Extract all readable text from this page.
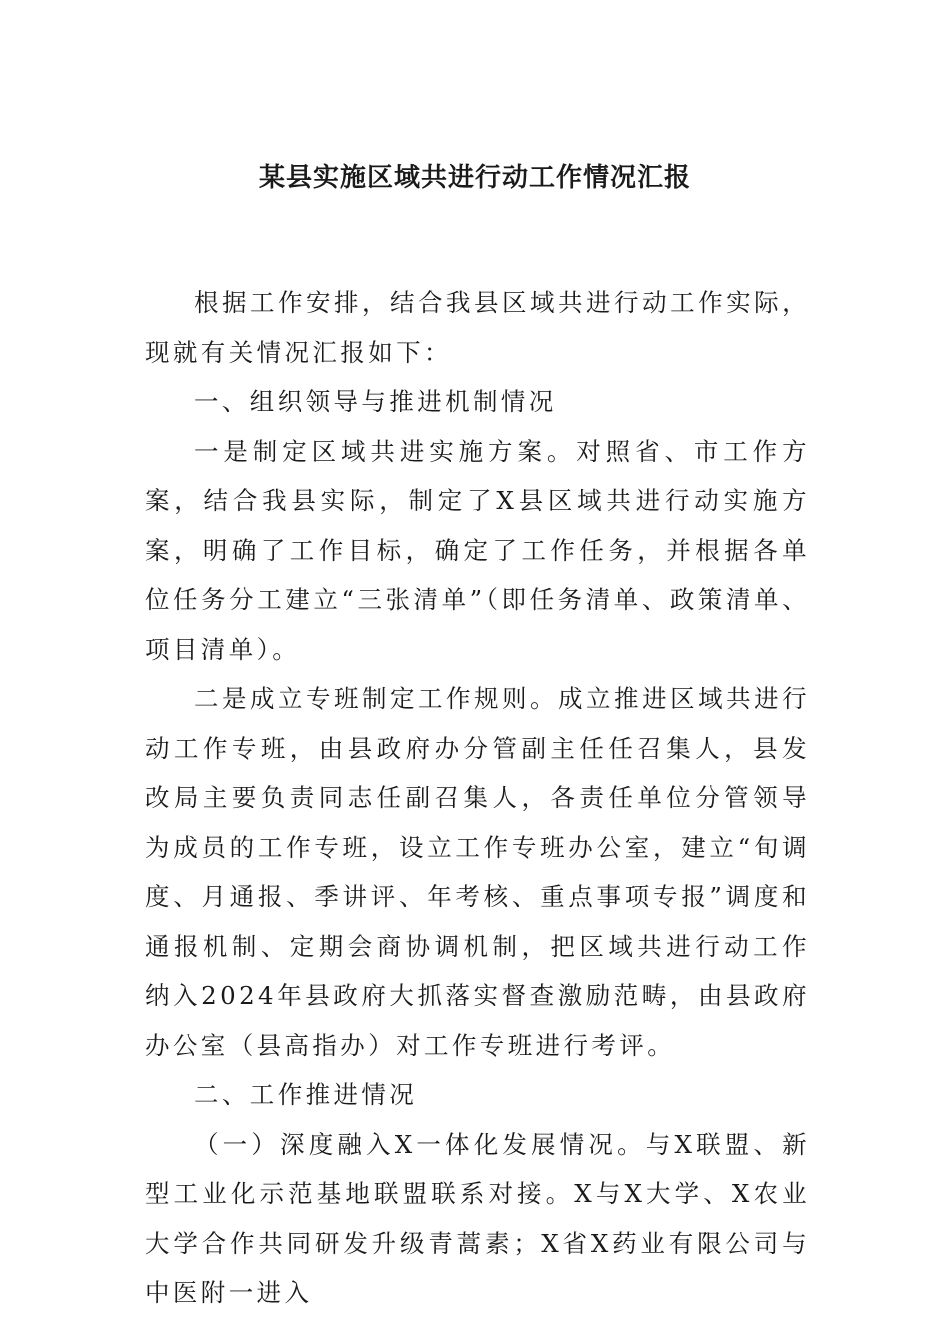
某县实施区域共进行动工作情况汇报

根据工作安排，结合我县区域共进行动工作实际，现就有关情况汇报如下：

一、组织领导与推进机制情况

一是制定区域共进实施方案。对照省、市工作方案，结合我县实际，制定了X县区域共进行动实施方案，明确了工作目标，确定了工作任务，并根据各单位任务分工建立“三张清单”（即任务清单、政策清单、项目清单）。

二是成立专班制定工作规则。成立推进区域共进行动工作专班，由县政府办分管副主任任召集人，县发改局主要负责同志任副召集人，各责任单位分管领导为成员的工作专班，设立工作专班办公室，建立“旬调度、月通报、季讲评、年考核、重点事项专报”调度和通报机制、定期会商协调机制，把区域共进行动工作纳入2024年县政府大抓落实督查激励范畴，由县政府办公室（县高指办）对工作专班进行考评。

二、工作推进情况

（一）深度融入X一体化发展情况。与X联盟、新型工业化示范基地联盟联系对接。X与X大学、X农业大学合作共同研发升级青蒿素；X省X药业有限公司与中医附一进入
